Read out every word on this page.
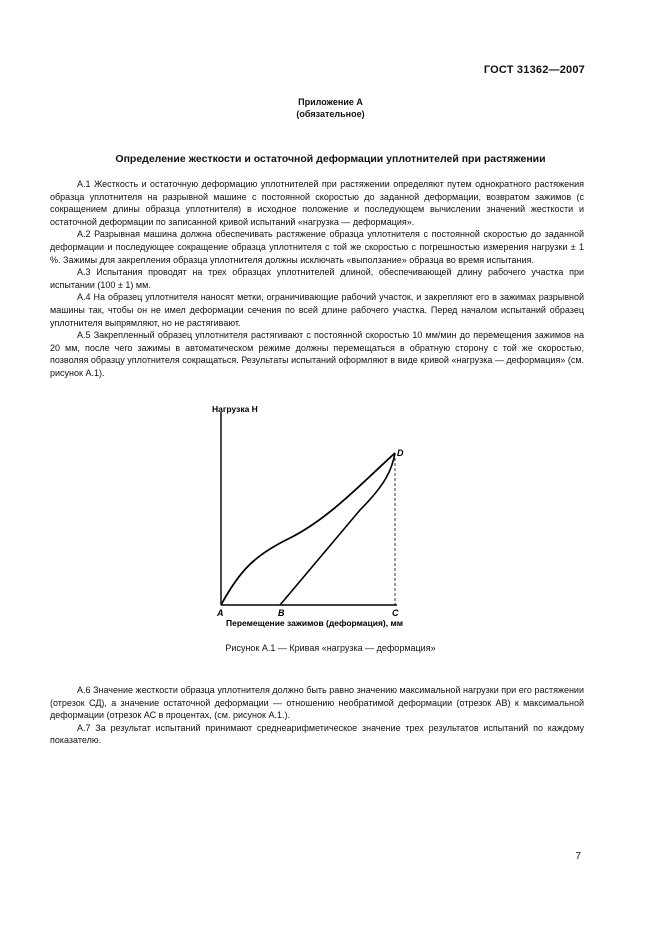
ГОСТ 31362—2007
Приложение А
(обязательное)
Определение жесткости и остаточной деформации уплотнителей при растяжении

А.1 Жесткость и остаточную деформацию уплотнителей при растяжении определяют путем однократного растяжения образца уплотнителя на разрывной машине с постоянной скоростью до заданной деформации, возвратом зажимов (с сокращением длины образца уплотнителя) в исходное положение и последующем вычислении значений жесткости и остаточной деформации по записанной кривой испытаний «нагрузка — деформация».

А.2 Разрывная машина должна обеспечивать растяжение образца уплотнителя с постоянной скоростью до заданной деформации и последующее сокращение образца уплотнителя с той же скоростью с погрешностью измерения нагрузки ± 1 %. Зажимы для закрепления образца уплотнителя должны исключать «выползание» образца во время испытания.

А.3 Испытания проводят на трех образцах уплотнителей длиной, обеспечивающей длину рабочего участка при испытании (100 ± 1) мм.

А.4 На образец уплотнителя наносят метки, ограничивающие рабочий участок, и закрепляют его в зажимах разрывной машины так, чтобы он не имел деформации сечения по всей длине рабочего участка. Перед началом испытаний образец уплотнителя выпрямляют, но не растягивают.

А.5 Закрепленный образец уплотнителя растягивают с постоянной скоростью 10 мм/мин до перемещения зажимов на 20 мм, после чего зажимы в автоматическом режиме должны перемещаться в обратную сторону с той же скоростью, позволяя образцу уплотнителя сокращаться. Результаты испытаний оформляют в виде кривой «нагрузка — деформация» (см. рисунок А.1).

Нагрузка H
A	B	C
D
Перемещение зажимов (деформация), мм
Рисунок А.1 — Кривая «нагрузка — деформация»

А.6 Значение жесткости образца уплотнителя должно быть равно значению максимальной нагрузки при его растяжении (отрезок СД), а значение остаточной деформации — отношению необратимой деформации (отрезок АВ) к максимальной деформации (отрезок АС в процентах, (см. рисунок А.1.).

А.7 За результат испытаний принимают среднеарифметическое значение трех результатов испытаний по каждому показателю.

7
